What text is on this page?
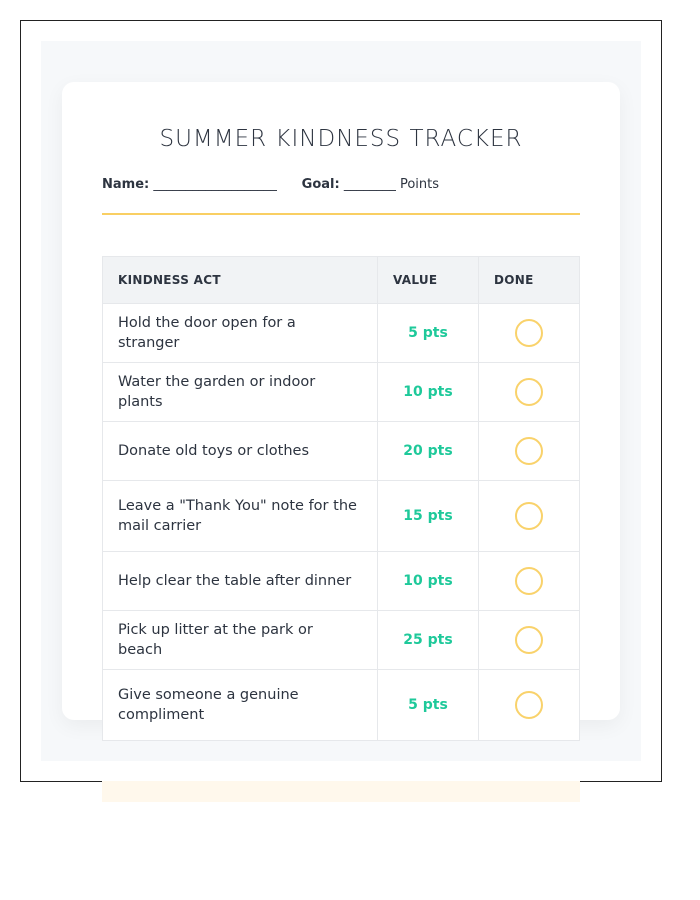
SUMMER KINDNESS TRACKER
Name: ___________________ Goal: ________ Points
KINDNESS ACT	VALUE	DONE
Hold the door open for a stranger	5 pts	
Water the garden or indoor plants	10 pts	
Donate old toys or clothes	20 pts	
Leave a "Thank You" note for the mail carrier	15 pts	
Help clear the table after dinner	10 pts	
Pick up litter at the park or beach	25 pts	
Give someone a genuine compliment	5 pts	
